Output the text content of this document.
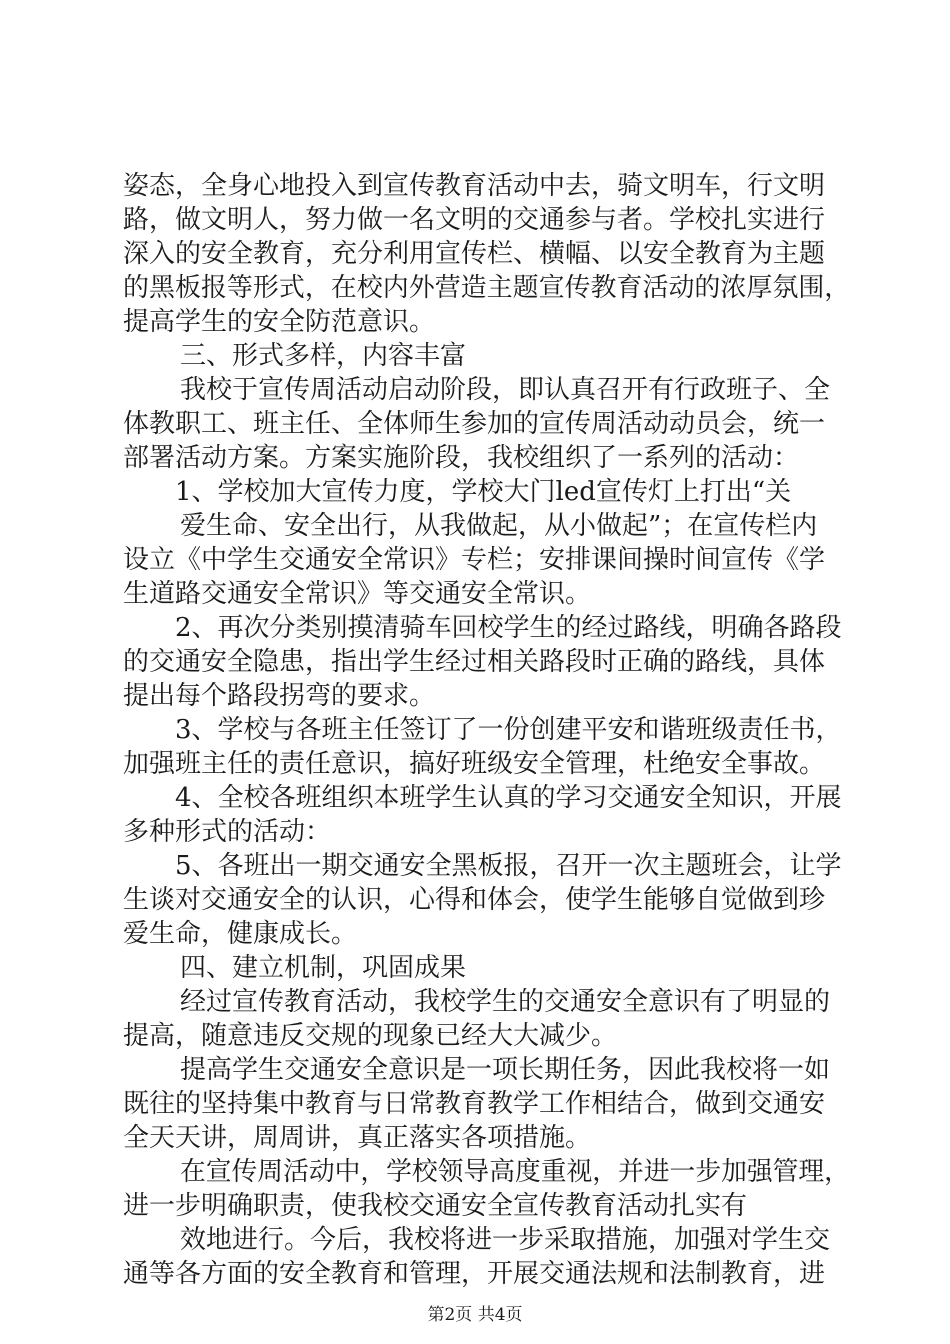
姿态，全身心地投入到宣传教育活动中去，骑文明车，行文明
路，做文明人，努力做一名文明的交通参与者。学校扎实进行
深入的安全教育，充分利用宣传栏、横幅、以安全教育为主题
的黑板报等形式，在校内外营造主题宣传教育活动的浓厚氛围，
提高学生的安全防范意识。
三、形式多样，内容丰富
我校于宣传周活动启动阶段，即认真召开有行政班子、全
体教职工、班主任、全体师生参加的宣传周活动动员会，统一
部署活动方案。方案实施阶段，我校组织了一系列的活动：
1、学校加大宣传力度，学校大门led宣传灯上打出“关
爱生命、安全出行，从我做起，从小做起”；在宣传栏内
设立《中学生交通安全常识》专栏；安排课间操时间宣传《学
生道路交通安全常识》等交通安全常识。
2、再次分类别摸清骑车回校学生的经过路线，明确各路段
的交通安全隐患，指出学生经过相关路段时正确的路线，具体
提出每个路段拐弯的要求。
3、学校与各班主任签订了一份创建平安和谐班级责任书，
加强班主任的责任意识，搞好班级安全管理，杜绝安全事故。
4、全校各班组织本班学生认真的学习交通安全知识，开展
多种形式的活动：
5、各班出一期交通安全黑板报，召开一次主题班会，让学
生谈对交通安全的认识，心得和体会，使学生能够自觉做到珍
爱生命，健康成长。
四、建立机制，巩固成果
经过宣传教育活动，我校学生的交通安全意识有了明显的
提高，随意违反交规的现象已经大大减少。
提高学生交通安全意识是一项长期任务，因此我校将一如
既往的坚持集中教育与日常教育教学工作相结合，做到交通安
全天天讲，周周讲，真正落实各项措施。
在宣传周活动中，学校领导高度重视，并进一步加强管理，
进一步明确职责，使我校交通安全宣传教育活动扎实有
效地进行。今后，我校将进一步采取措施，加强对学生交
通等各方面的安全教育和管理，开展交通法规和法制教育，进
第2页 共4页
